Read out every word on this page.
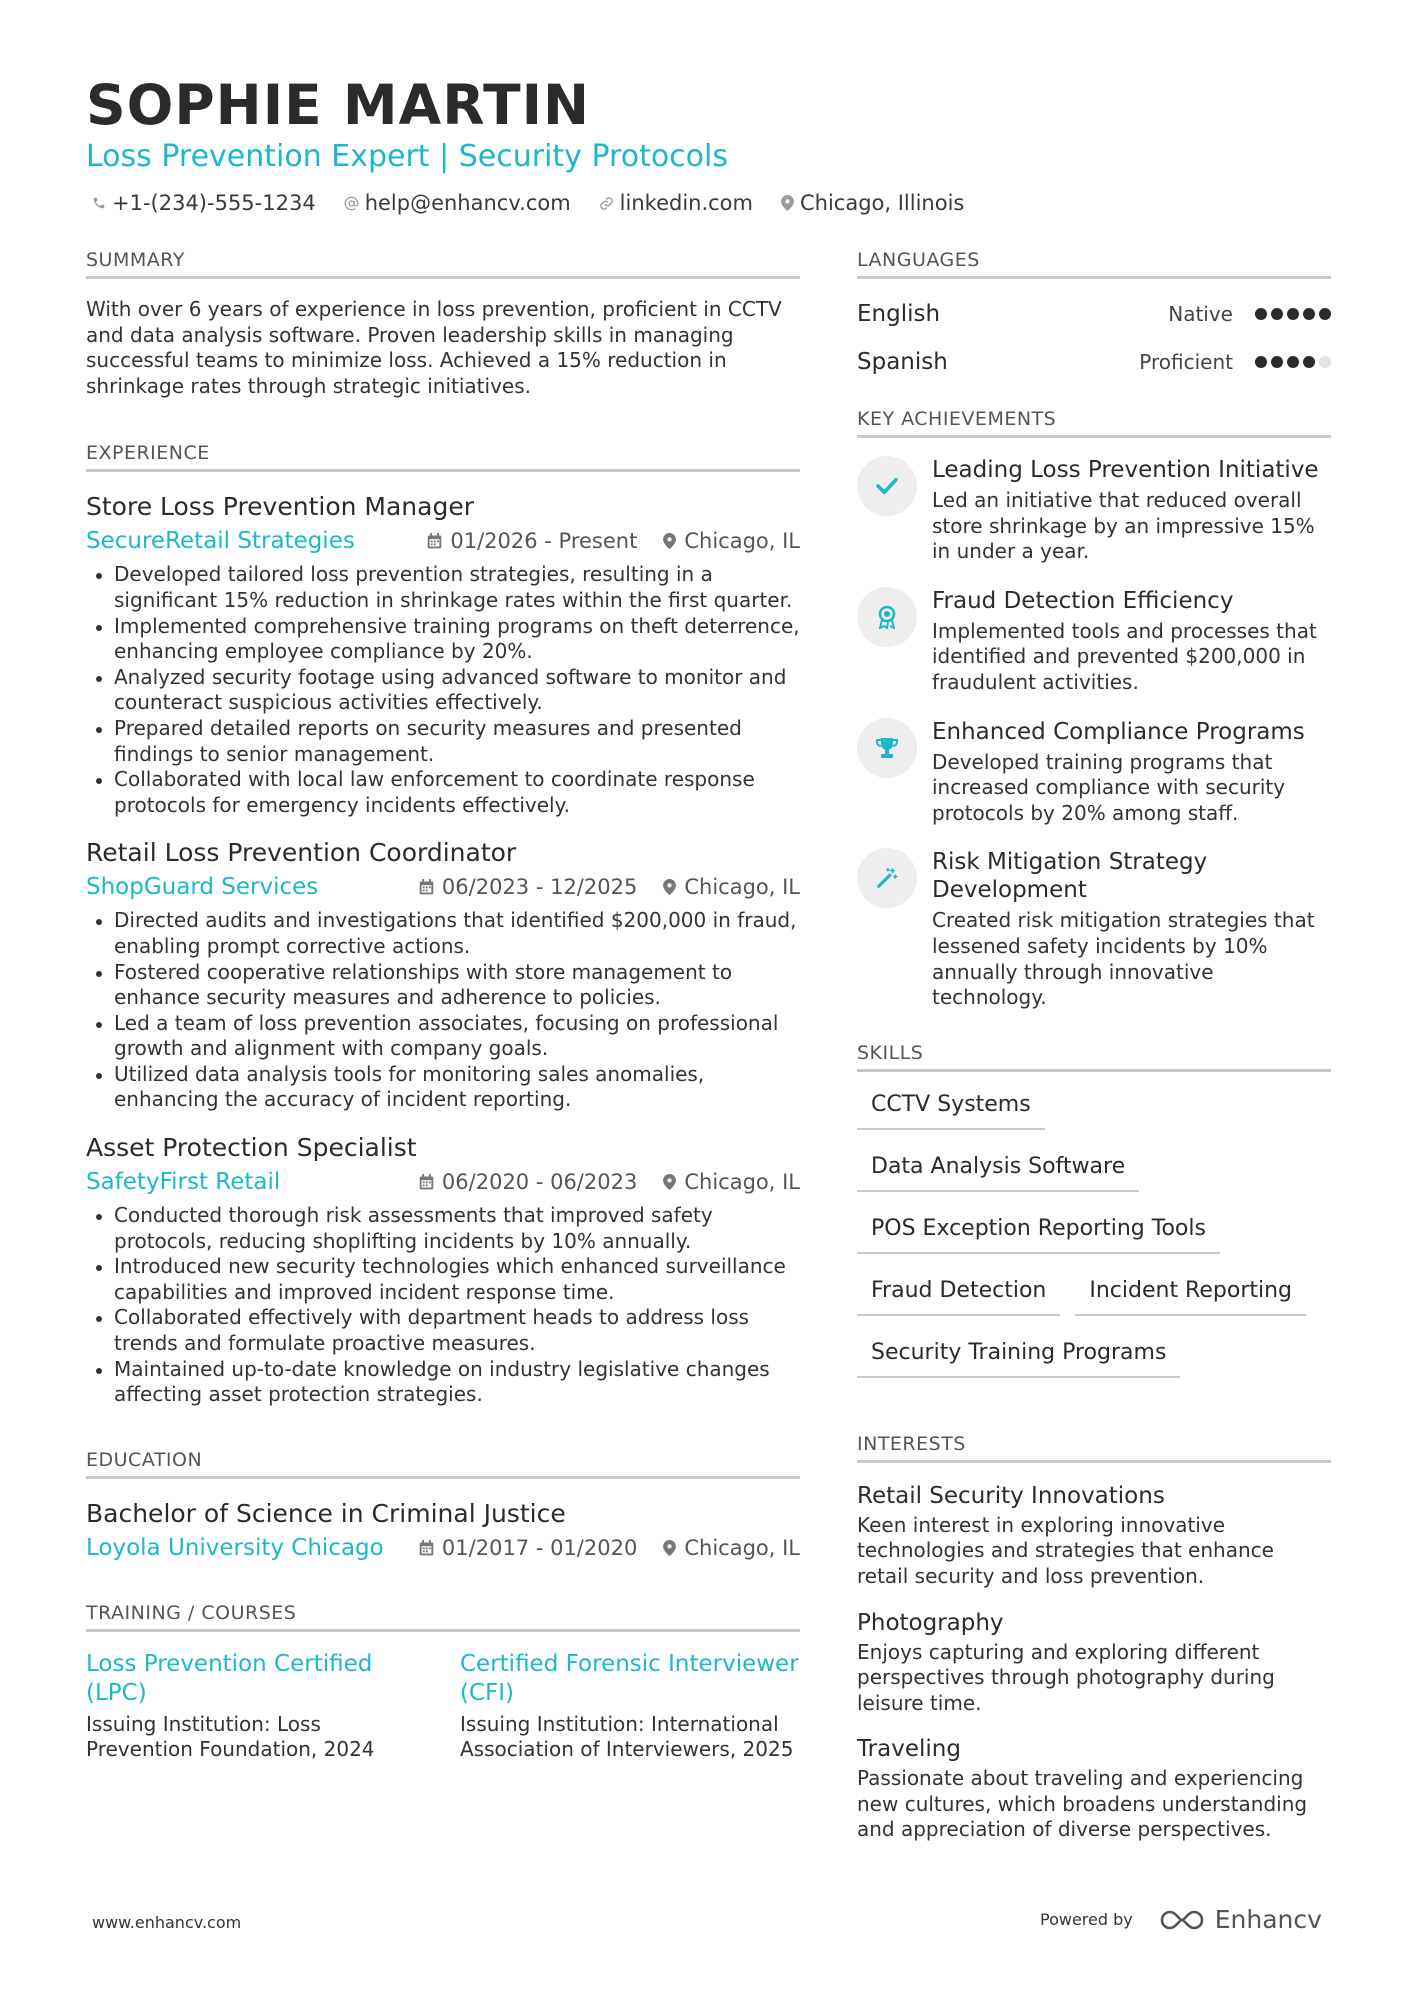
SOPHIE MARTIN
Loss Prevention Expert | Security Protocols
+1-(234)-555-1234 help@enhancv.com linkedin.com Chicago, Illinois
SUMMARY
With over 6 years of experience in loss prevention, proficient in CCTV and data analysis software. Proven leadership skills in managing successful teams to minimize loss. Achieved a 15% reduction in shrinkage rates through strategic initiatives.
EXPERIENCE
Store Loss Prevention Manager
SecureRetail Strategies	01/2026 - Present Chicago, IL
Developed tailored loss prevention strategies, resulting in a significant 15% reduction in shrinkage rates within the first quarter.
Implemented comprehensive training programs on theft deterrence, enhancing employee compliance by 20%.
Analyzed security footage using advanced software to monitor and counteract suspicious activities effectively.
Prepared detailed reports on security measures and presented findings to senior management.
Collaborated with local law enforcement to coordinate response protocols for emergency incidents effectively.
Retail Loss Prevention Coordinator
ShopGuard Services	06/2023 - 12/2025 Chicago, IL
Directed audits and investigations that identified $200,000 in fraud, enabling prompt corrective actions.
Fostered cooperative relationships with store management to enhance security measures and adherence to policies.
Led a team of loss prevention associates, focusing on professional growth and alignment with company goals.
Utilized data analysis tools for monitoring sales anomalies, enhancing the accuracy of incident reporting.
Asset Protection Specialist
SafetyFirst Retail	06/2020 - 06/2023 Chicago, IL
Conducted thorough risk assessments that improved safety protocols, reducing shoplifting incidents by 10% annually.
Introduced new security technologies which enhanced surveillance capabilities and improved incident response time.
Collaborated effectively with department heads to address loss trends and formulate proactive measures.
Maintained up-to-date knowledge on industry legislative changes affecting asset protection strategies.
EDUCATION
Bachelor of Science in Criminal Justice
Loyola University Chicago	01/2017 - 01/2020 Chicago, IL
TRAINING / COURSES
Loss Prevention Certified (LPC)
Issuing Institution: Loss Prevention Foundation, 2024
Certified Forensic Interviewer (CFI)
Issuing Institution: International Association of Interviewers, 2025
LANGUAGES
English	Native
Spanish	Proficient
KEY ACHIEVEMENTS
Leading Loss Prevention Initiative
Led an initiative that reduced overall store shrinkage by an impressive 15% in under a year.
Fraud Detection Efficiency
Implemented tools and processes that identified and prevented $200,000 in fraudulent activities.
Enhanced Compliance Programs
Developed training programs that increased compliance with security protocols by 20% among staff.
Risk Mitigation Strategy Development
Created risk mitigation strategies that lessened safety incidents by 10% annually through innovative technology.
SKILLS
CCTV Systems
Data Analysis Software
POS Exception Reporting Tools
Fraud Detection	Incident Reporting
Security Training Programs
INTERESTS
Retail Security Innovations
Keen interest in exploring innovative technologies and strategies that enhance retail security and loss prevention.
Photography
Enjoys capturing and exploring different perspectives through photography during leisure time.
Traveling
Passionate about traveling and experiencing new cultures, which broadens understanding and appreciation of diverse perspectives.
www.enhancv.com	Powered by	Enhancv
